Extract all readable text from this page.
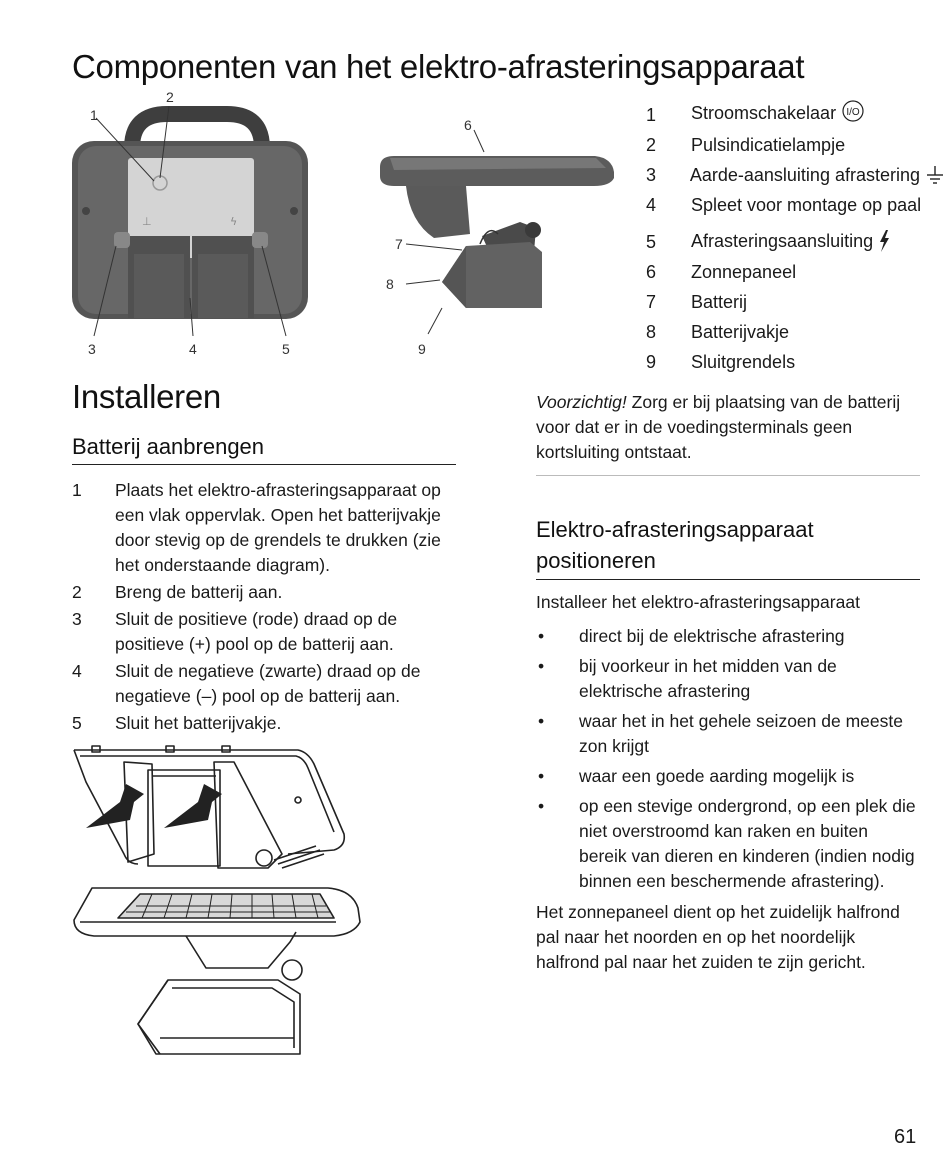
Componenten van het elektro-afrasteringsapparaat
⊥	ϟ
1
2
3	4	5
6
7
8
9
1	Stroomschakelaar I/O
2	Pulsindicatielampje
3	Aarde-aansluiting afrastering
4	Spleet voor montage op paal
5	Afrasteringsaansluiting
6	Zonnepaneel
7	Batterij
8	Batterijvakje
9	Sluitgrendels
Installeren
Batterij aanbrengen
1	Plaats het elektro-afrasteringsapparaat op een vlak oppervlak. Open het batterijvakje door stevig op de grendels te drukken (zie het onderstaande diagram).
2	Breng de batterij aan.
3	Sluit de positieve (rode) draad op de positieve (+) pool op de batterij aan.
4	Sluit de negatieve (zwarte) draad op de negatieve (–) pool op de batterij aan.
5	Sluit het batterijvakje.

Voorzichtig! Zorg er bij plaatsing van de batterij voor dat er in de voedingsterminals geen kortsluiting ontstaat.

Elektro-afrasteringsapparaat positioneren

Installeer het elektro-afrasteringsapparaat

•	direct bij de elektrische afrastering
•	bij voorkeur in het midden van de elektrische afrastering
•	waar het in het gehele seizoen de meeste zon krijgt
•	waar een goede aarding mogelijk is
•	op een stevige ondergrond, op een plek die niet overstroomd kan raken en buiten bereik van dieren en kinderen (indien nodig binnen een beschermende afrastering).

Het zonnepaneel dient op het zuidelijk halfrond pal naar het noorden en op het noordelijk halfrond pal naar het zuiden te zijn gericht.

61
